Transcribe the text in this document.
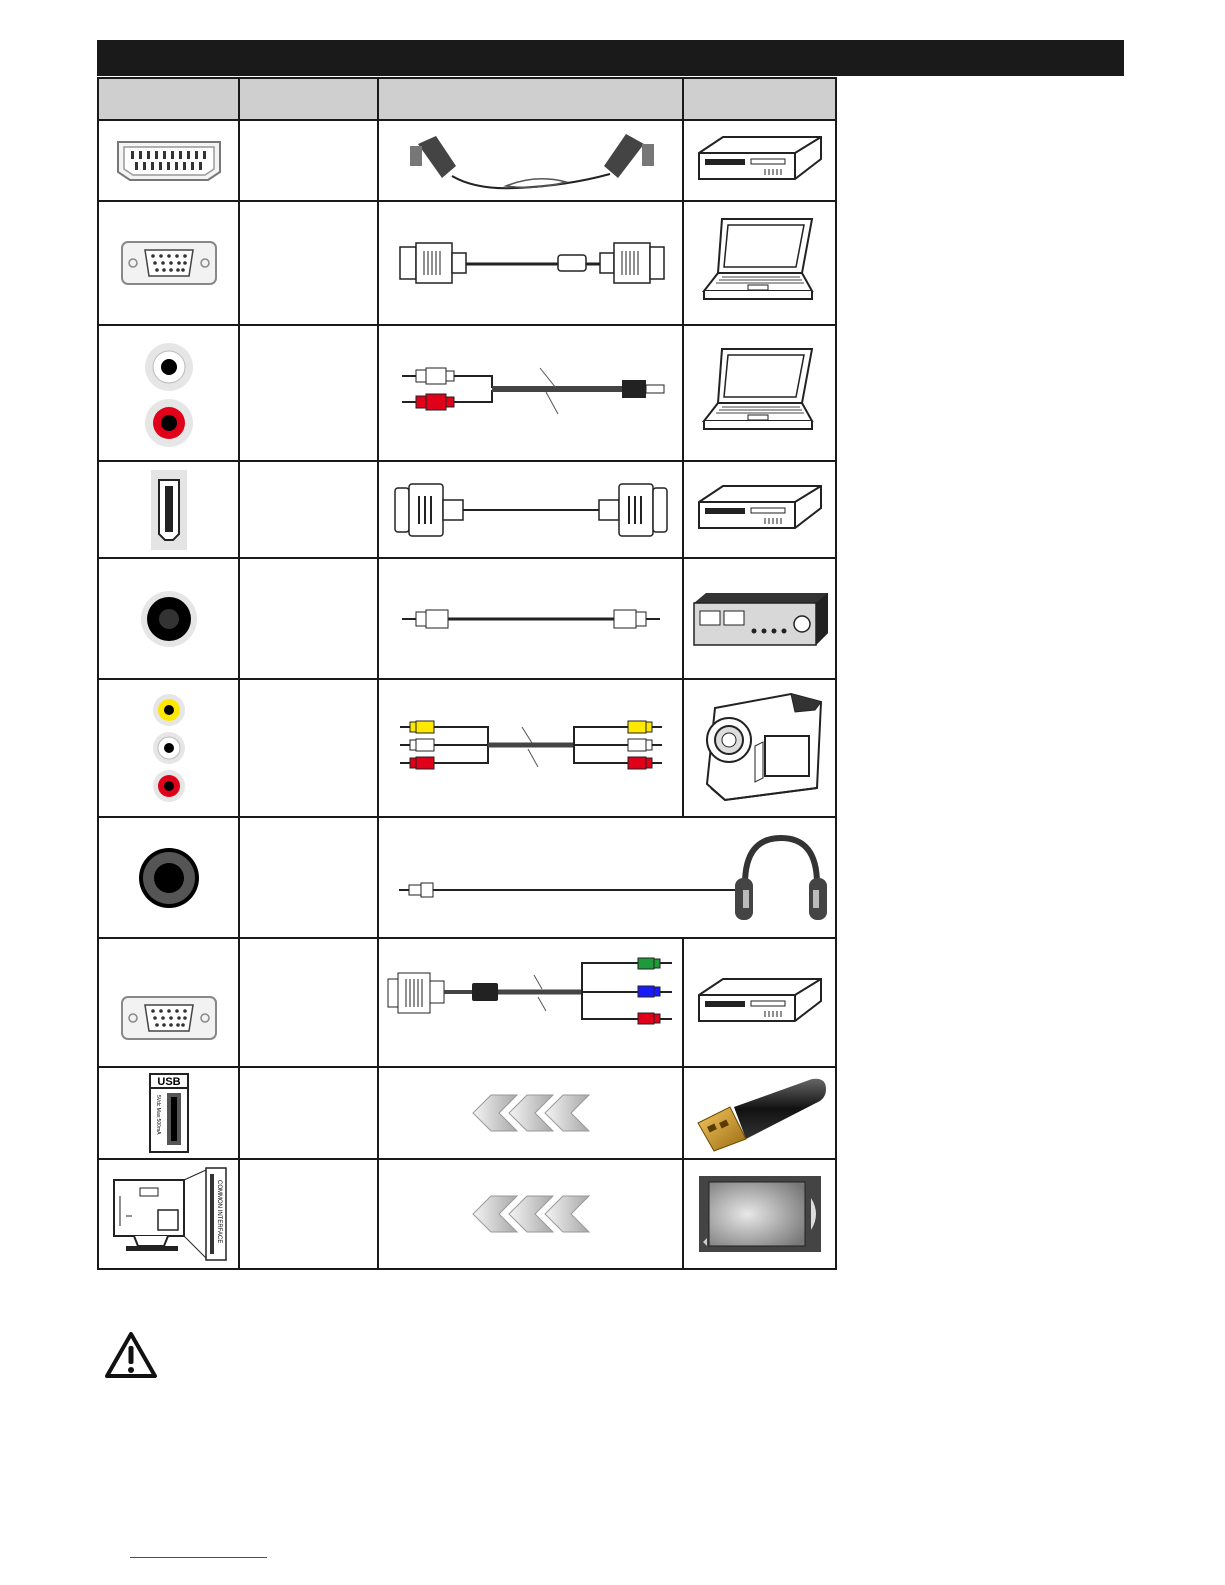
USB
5Vdc Max:500mA

COMMON INTERFACE
